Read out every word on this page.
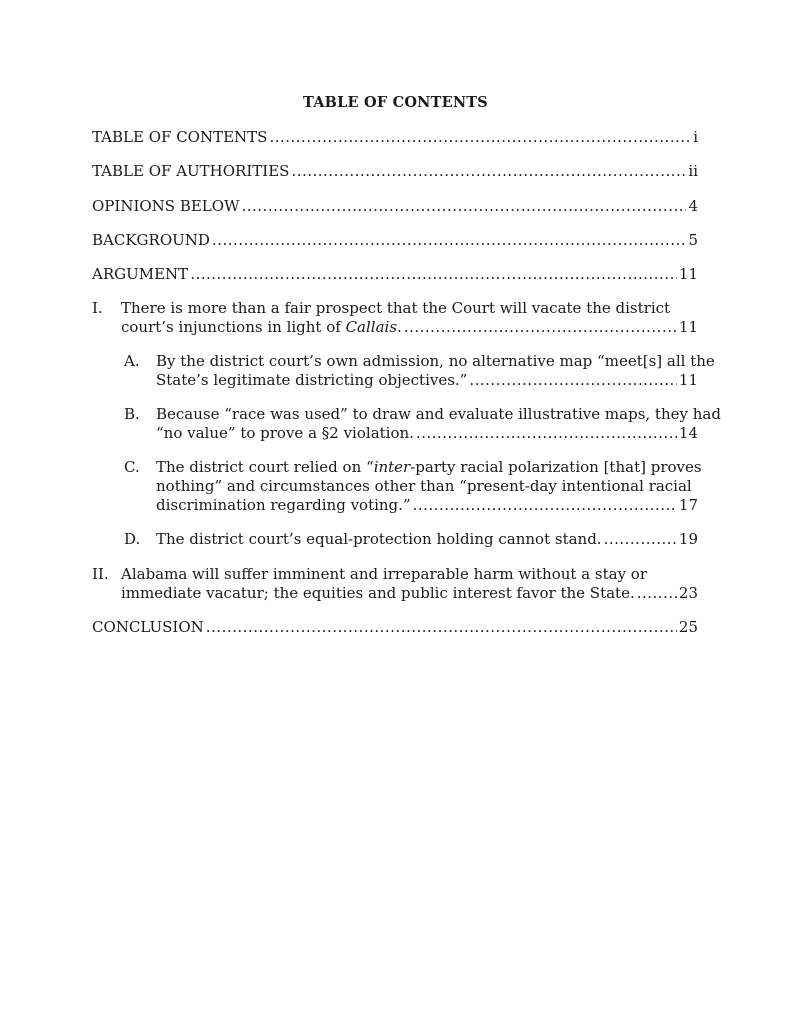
TABLE OF CONTENTS
TABLE OF CONTENTS .....	i
TABLE OF AUTHORITIES .....	ii
OPINIONS BELOW .....	4
BACKGROUND .....	5
ARGUMENT .....	11
I. There is more than a fair prospect that the Court will vacate the district
court’s injunctions in light of Callais. .....	11
A. By the district court’s own admission, no alternative map “meet[s] all the
State’s legitimate districting objectives.” .....	11
B. Because “race was used” to draw and evaluate illustrative maps, they had
“no value” to prove a §2 violation. .....	14
C. The district court relied on “inter-party racial polarization [that] proves
nothing” and circumstances other than “present-day intentional racial
discrimination regarding voting.” .....	17
D. The district court’s equal-protection holding cannot stand. .....	19
II. Alabama will suffer imminent and irreparable harm without a stay or
immediate vacatur; the equities and public interest favor the State. .....	23
CONCLUSION .....	25
